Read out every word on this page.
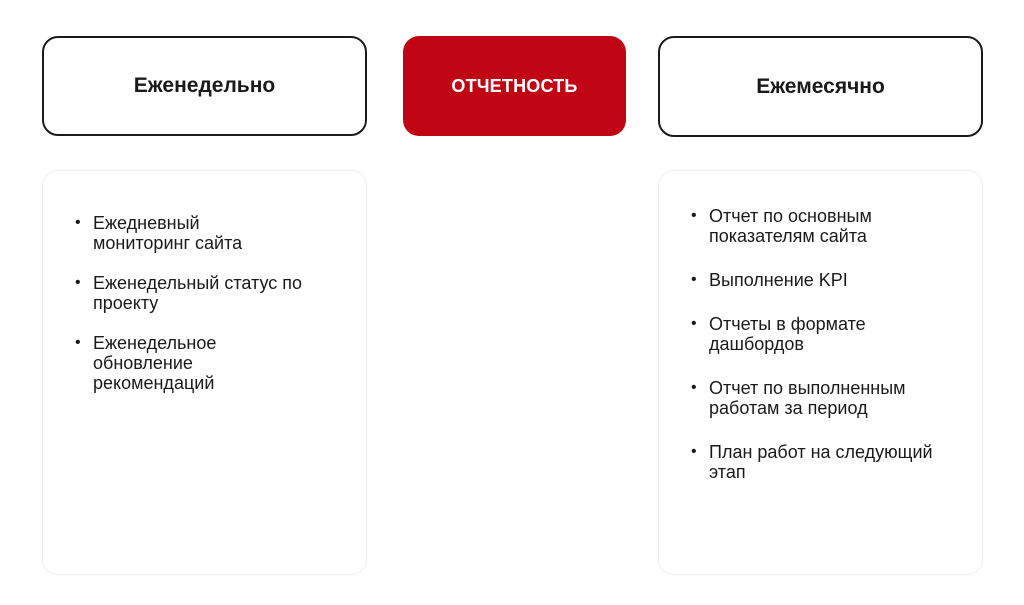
Еженедельно	ОТЧЕТНОСТЬ	Ежемесячно
• Ежедневный мониторинг сайта
• Еженедельный статус по проекту
• Еженедельное обновление рекомендаций
• Отчет по основным показателям сайта
• Выполнение KPI
• Отчеты в формате дашбордов
• Отчет по выполненным работам за период
• План работ на следующий этап
